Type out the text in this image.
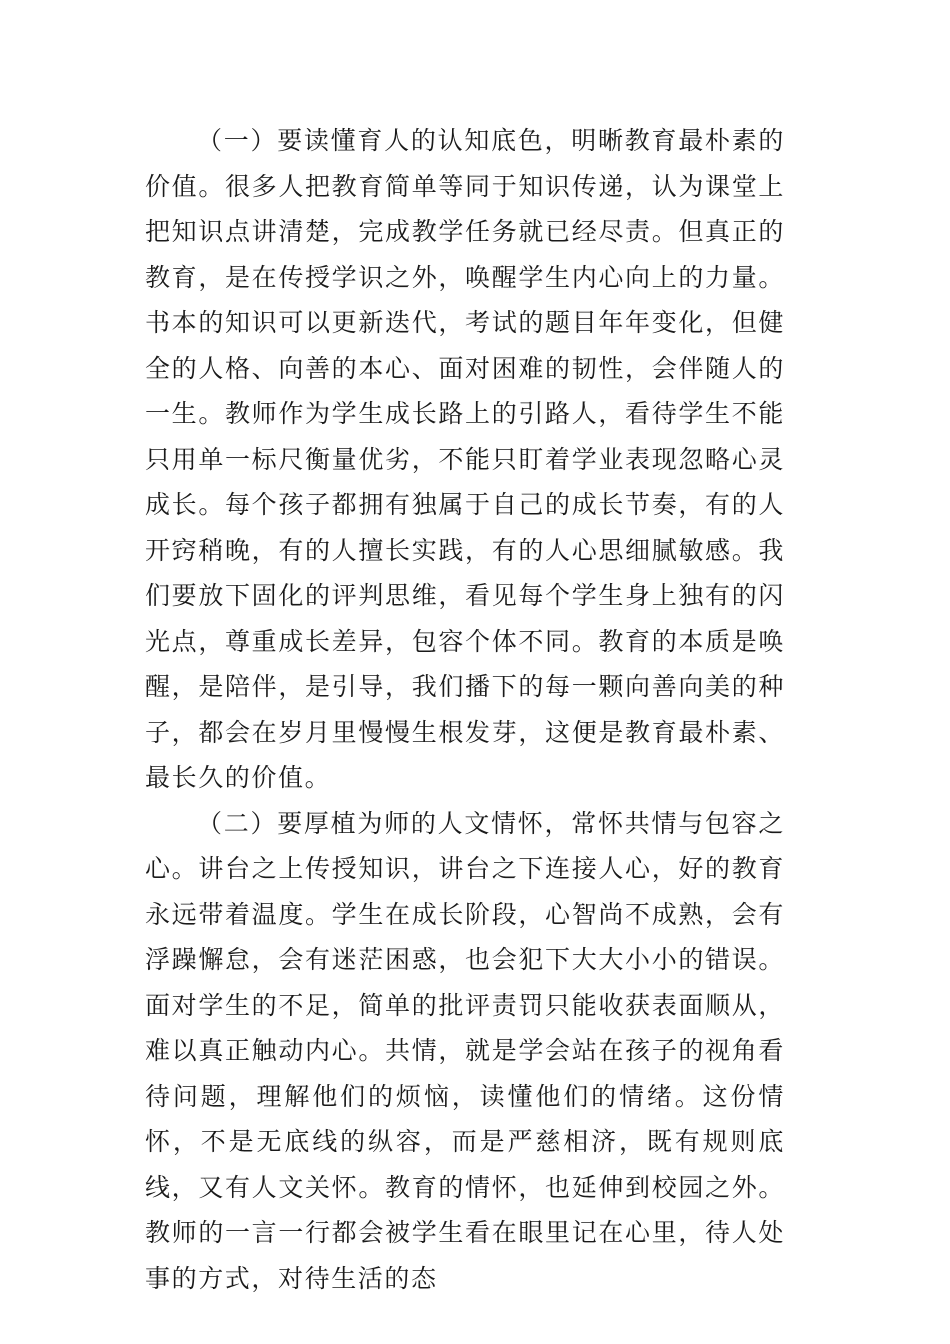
（一）要读懂育人的认知底色，明晰教育最朴素的价值。很多人把教育简单等同于知识传递，认为课堂上把知识点讲清楚，完成教学任务就已经尽责。但真正的教育，是在传授学识之外，唤醒学生内心向上的力量。书本的知识可以更新迭代，考试的题目年年变化，但健全的人格、向善的本心、面对困难的韧性，会伴随人的一生。教师作为学生成长路上的引路人，看待学生不能只用单一标尺衡量优劣，不能只盯着学业表现忽略心灵成长。每个孩子都拥有独属于自己的成长节奏，有的人开窍稍晚，有的人擅长实践，有的人心思细腻敏感。我们要放下固化的评判思维，看见每个学生身上独有的闪光点，尊重成长差异，包容个体不同。教育的本质是唤醒，是陪伴，是引导，我们播下的每一颗向善向美的种子，都会在岁月里慢慢生根发芽，这便是教育最朴素、最长久的价值。

（二）要厚植为师的人文情怀，常怀共情与包容之心。讲台之上传授知识，讲台之下连接人心，好的教育永远带着温度。学生在成长阶段，心智尚不成熟，会有浮躁懈怠，会有迷茫困惑，也会犯下大大小小的错误。面对学生的不足，简单的批评责罚只能收获表面顺从，难以真正触动内心。共情，就是学会站在孩子的视角看待问题，理解他们的烦恼，读懂他们的情绪。这份情怀，不是无底线的纵容，而是严慈相济，既有规则底线，又有人文关怀。教育的情怀，也延伸到校园之外。教师的一言一行都会被学生看在眼里记在心里，待人处事的方式，对待生活的态
